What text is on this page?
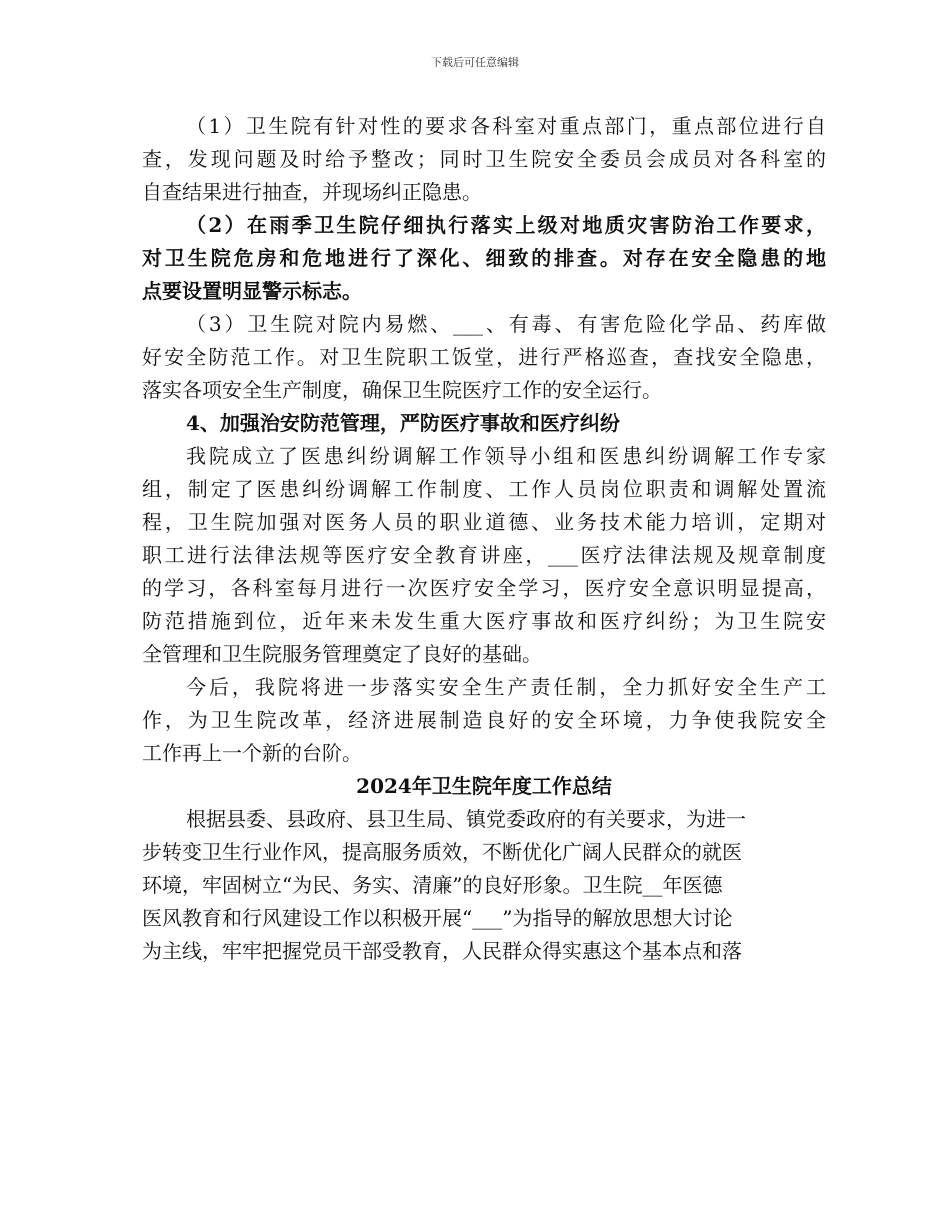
下载后可任意编辑
（1）卫生院有针对性的要求各科室对重点部门，重点部位进行自
查，发现问题及时给予整改；同时卫生院安全委员会成员对各科室的
自查结果进行抽查，并现场纠正隐患。
（2）在雨季卫生院仔细执行落实上级对地质灾害防治工作要求，
对卫生院危房和危地进行了深化、细致的排查。对存在安全隐患的地
点要设置明显警示标志。
（3）卫生院对院内易燃、___、有毒、有害危险化学品、药库做
好安全防范工作。对卫生院职工饭堂，进行严格巡查，查找安全隐患，
落实各项安全生产制度，确保卫生院医疗工作的安全运行。
4、加强治安防范管理，严防医疗事故和医疗纠纷
我院成立了医患纠纷调解工作领导小组和医患纠纷调解工作专家
组，制定了医患纠纷调解工作制度、工作人员岗位职责和调解处置流
程，卫生院加强对医务人员的职业道德、业务技术能力培训，定期对
职工进行法律法规等医疗安全教育讲座，___医疗法律法规及规章制度
的学习，各科室每月进行一次医疗安全学习，医疗安全意识明显提高，
防范措施到位，近年来未发生重大医疗事故和医疗纠纷；为卫生院安
全管理和卫生院服务管理奠定了良好的基础。
今后，我院将进一步落实安全生产责任制，全力抓好安全生产工
作，为卫生院改革，经济进展制造良好的安全环境，力争使我院安全
工作再上一个新的台阶。
2024年卫生院年度工作总结
根据县委、县政府、县卫生局、镇党委政府的有关要求，为进一
步转变卫生行业作风，提高服务质效，不断优化广阔人民群众的就医
环境，牢固树立“为民、务实、清廉”的良好形象。卫生院__年医德
医风教育和行风建设工作以积极开展“___”为指导的解放思想大讨论
为主线，牢牢把握党员干部受教育，人民群众得实惠这个基本点和落
